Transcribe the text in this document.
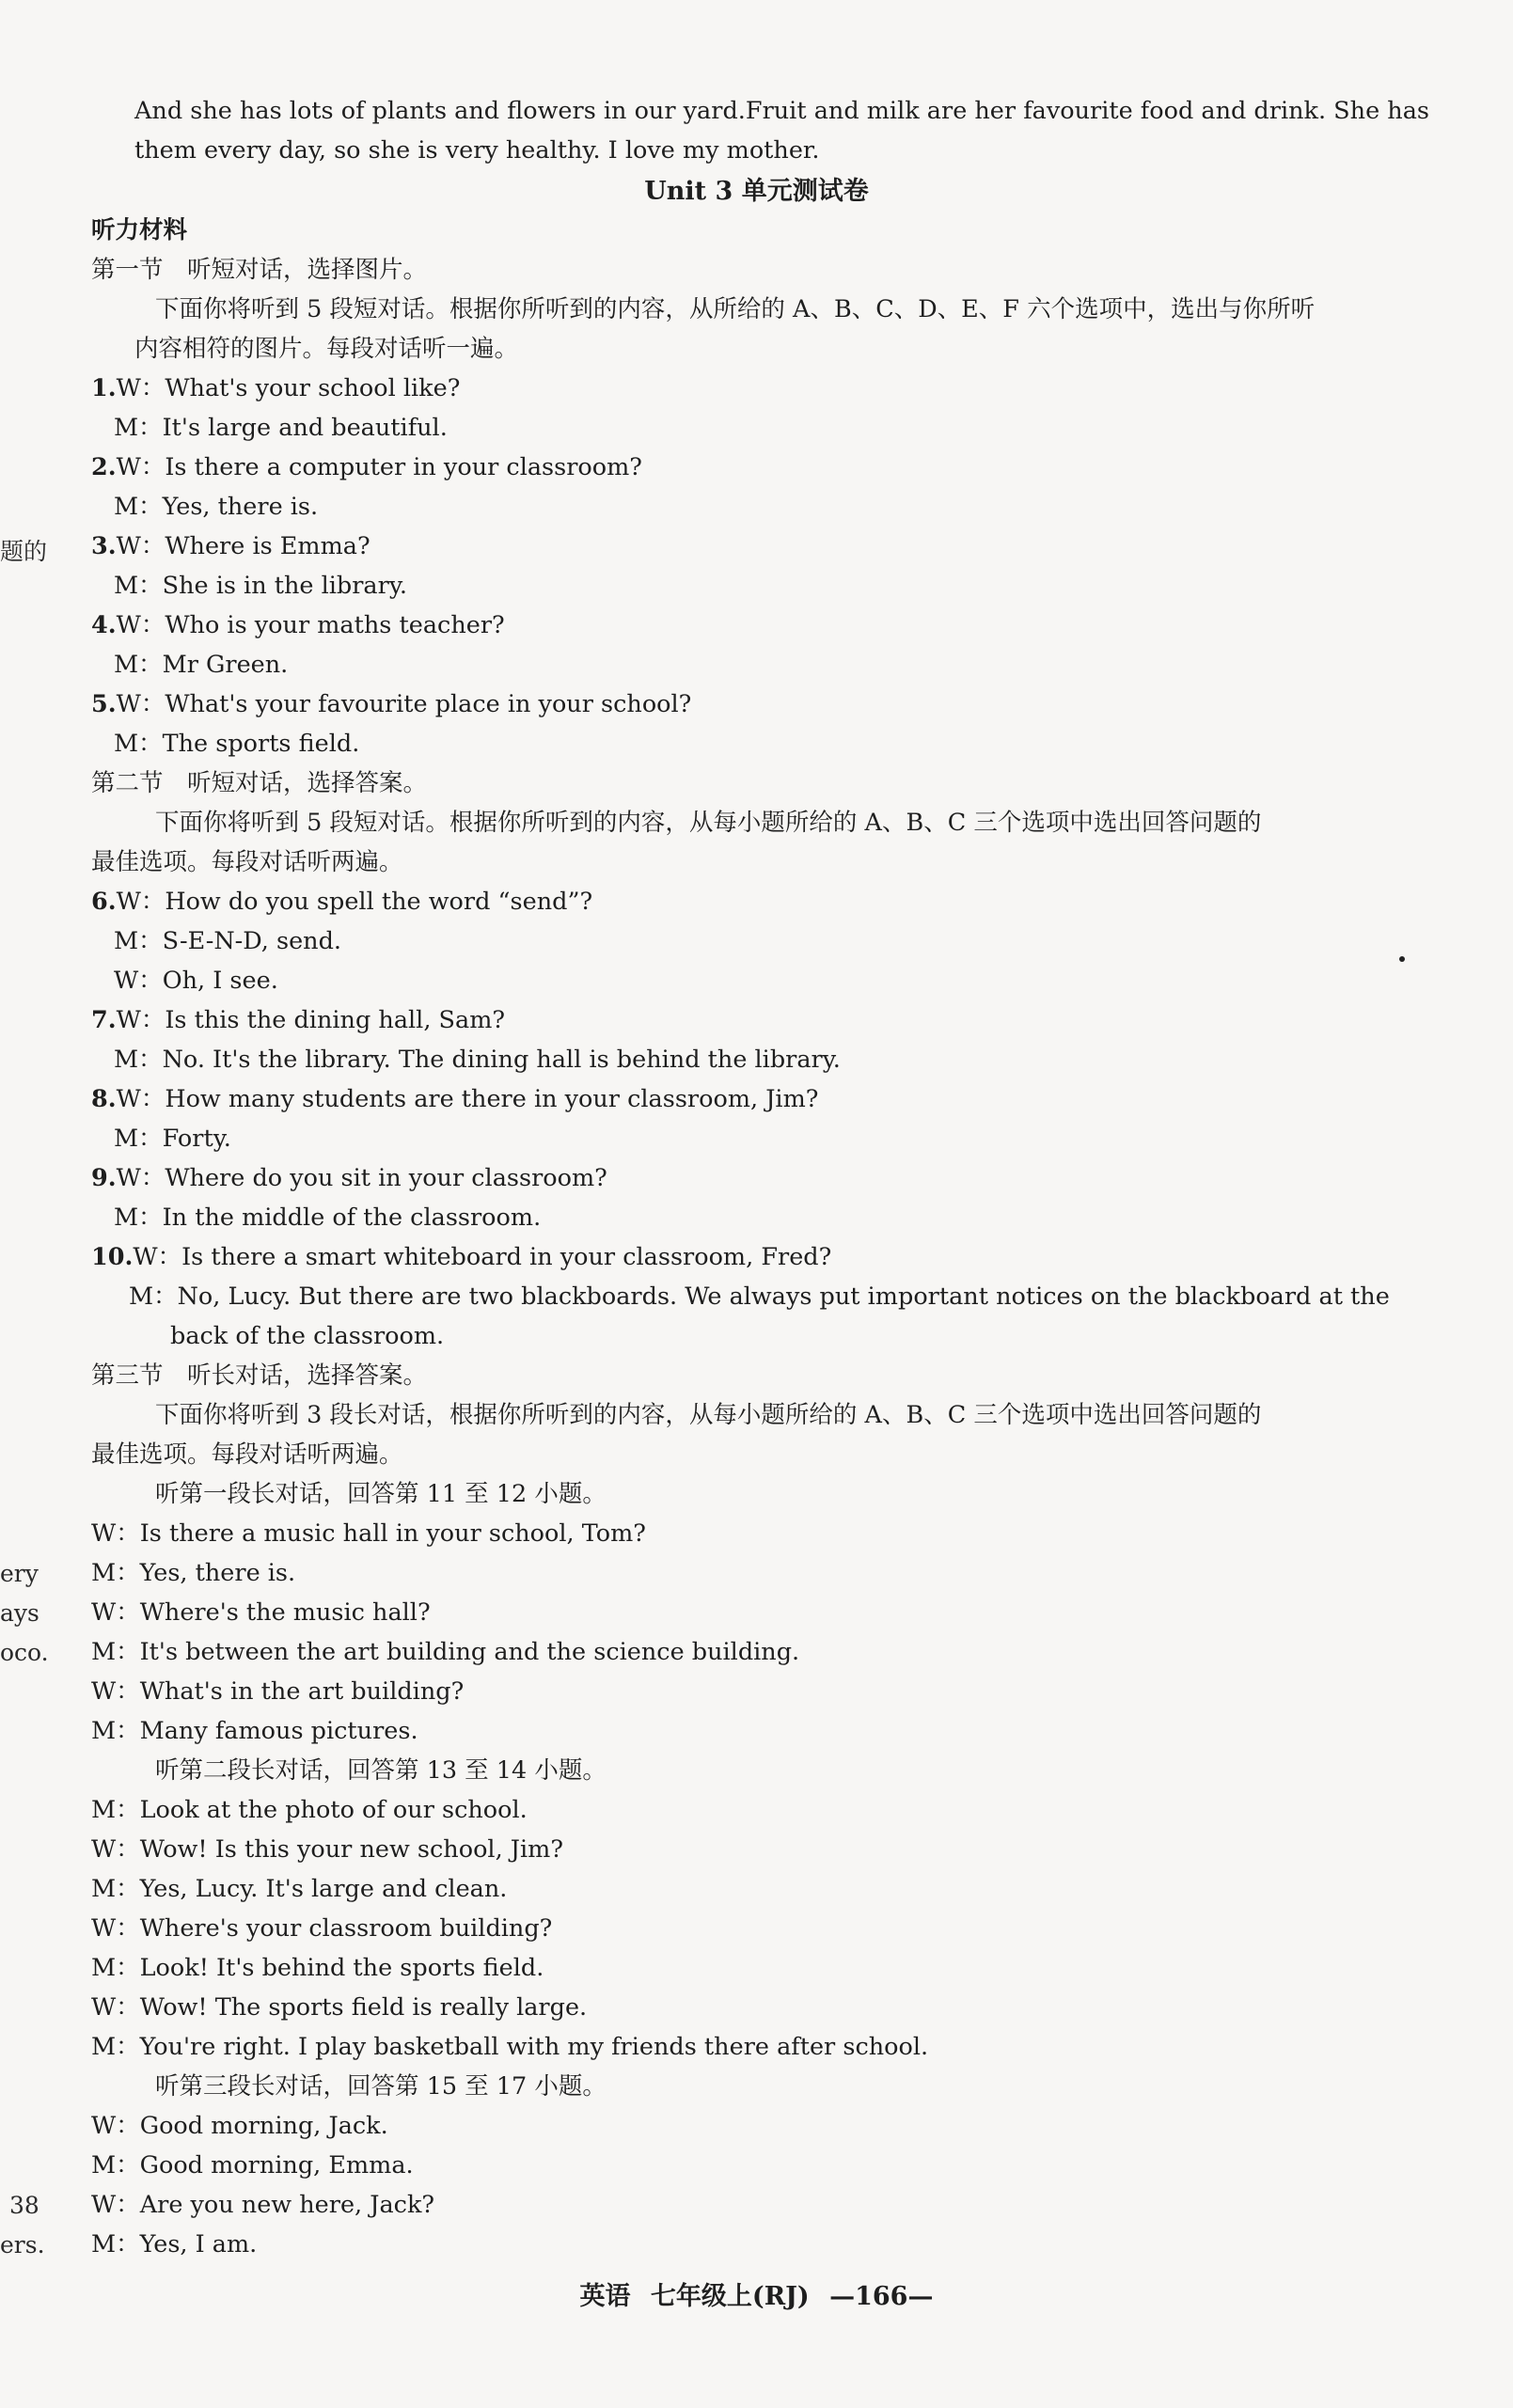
And she has lots of plants and flowers in our yard.Fruit and milk are her favourite food and drink. She has
them every day, so she is very healthy. I love my mother.
Unit 3 单元测试卷
听力材料
第一节　听短对话，选择图片。
下面你将听到 5 段短对话。根据你所听到的内容，从所给的 A、B、C、D、E、F 六个选项中，选出与你所听
内容相符的图片。每段对话听一遍。
1.W：What's your school like?
M：It's large and beautiful.
2.W：Is there a computer in your classroom?
M：Yes, there is.
3.W：Where is Emma?
M：She is in the library.
4.W：Who is your maths teacher?
M：Mr Green.
5.W：What's your favourite place in your school?
M：The sports field.
第二节　听短对话，选择答案。
下面你将听到 5 段短对话。根据你所听到的内容，从每小题所给的 A、B、C 三个选项中选出回答问题的
最佳选项。每段对话听两遍。
6.W：How do you spell the word “send”?
M：S-E-N-D, send.
W：Oh, I see.
7.W：Is this the dining hall, Sam?
M：No. It's the library. The dining hall is behind the library.
8.W：How many students are there in your classroom, Jim?
M：Forty.
9.W：Where do you sit in your classroom?
M：In the middle of the classroom.
10.W：Is there a smart whiteboard in your classroom, Fred?
M：No, Lucy. But there are two blackboards. We always put important notices on the blackboard at the
back of the classroom.
第三节　听长对话，选择答案。
下面你将听到 3 段长对话，根据你所听到的内容，从每小题所给的 A、B、C 三个选项中选出回答问题的
最佳选项。每段对话听两遍。
听第一段长对话，回答第 11 至 12 小题。
W：Is there a music hall in your school, Tom?
M：Yes, there is.
W：Where's the music hall?
M：It's between the art building and the science building.
W：What's in the art building?
M：Many famous pictures.
听第二段长对话，回答第 13 至 14 小题。
M：Look at the photo of our school.
W：Wow! Is this your new school, Jim?
M：Yes, Lucy. It's large and clean.
W：Where's your classroom building?
M：Look! It's behind the sports field.
W：Wow! The sports field is really large.
M：You're right. I play basketball with my friends there after school.
听第三段长对话，回答第 15 至 17 小题。
W：Good morning, Jack.
M：Good morning, Emma.
W：Are you new here, Jack?
M：Yes, I am.
题的
ery
ays
oco.
38
ers.
英语 七年级上(RJ) —166—
